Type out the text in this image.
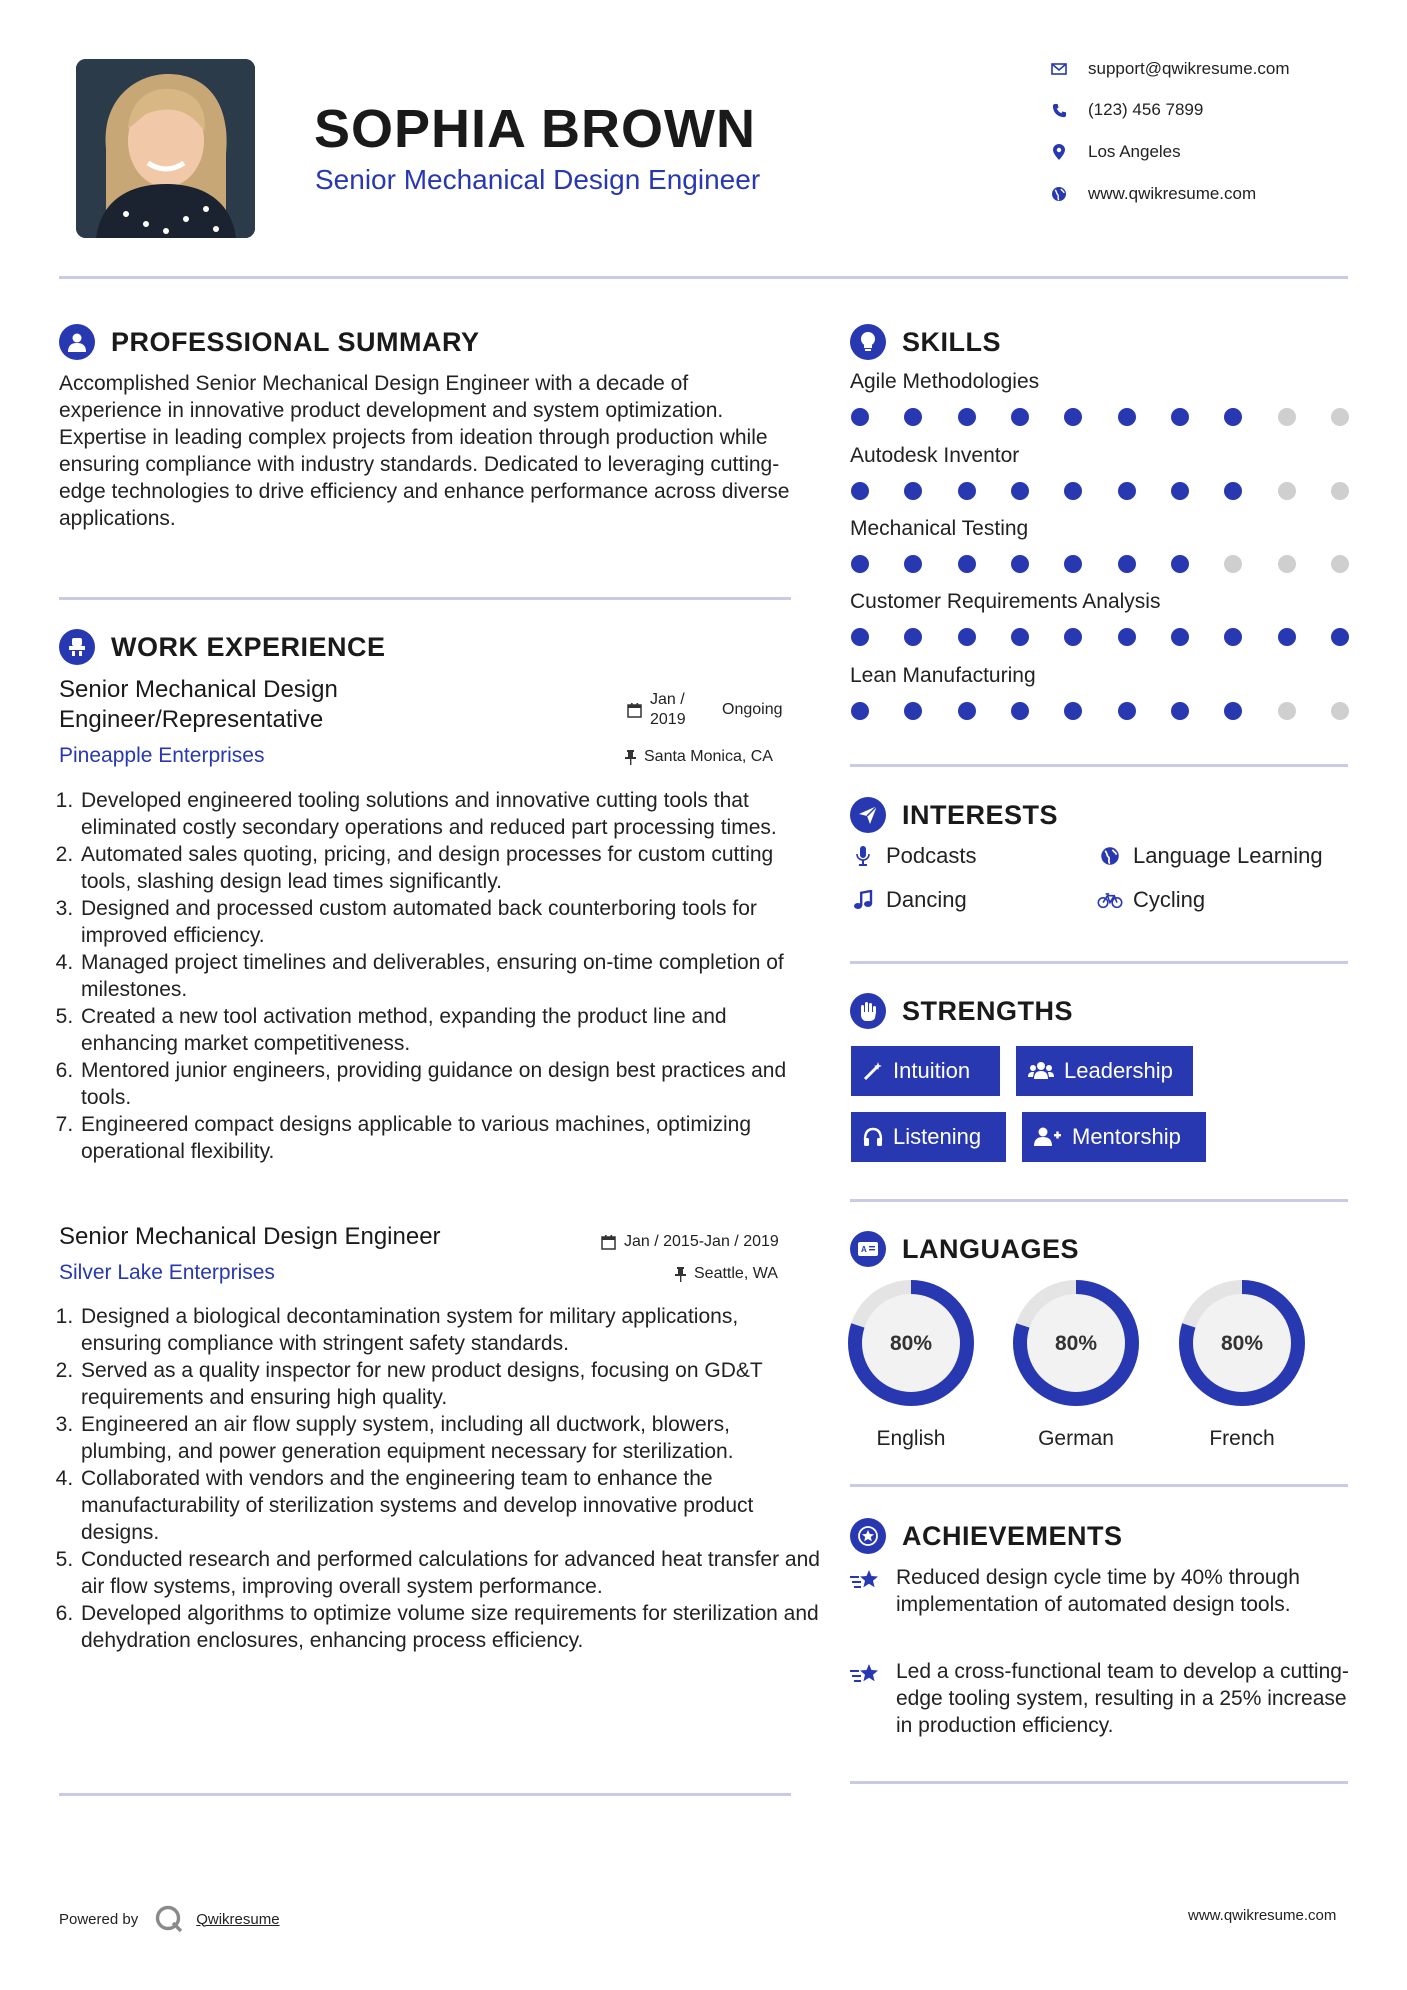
SOPHIA BROWN
Senior Mechanical Design Engineer
support@qwikresume.com
(123) 456 7899
Los Angeles
www.qwikresume.com
PROFESSIONAL SUMMARY
Accomplished Senior Mechanical Design Engineer with a decade of experience in innovative product development and system optimization. Expertise in leading complex projects from ideation through production while ensuring compliance with industry standards. Dedicated to leveraging cutting-edge technologies to drive efficiency and enhance performance across diverse applications.
WORK EXPERIENCE
Senior Mechanical Design Engineer/Representative
Jan / 2019
Ongoing
Pineapple Enterprises	Santa Monica, CA
1. Developed engineered tooling solutions and innovative cutting tools that eliminated costly secondary operations and reduced part processing times.
2. Automated sales quoting, pricing, and design processes for custom cutting tools, slashing design lead times significantly.
3. Designed and processed custom automated back counterboring tools for improved efficiency.
4. Managed project timelines and deliverables, ensuring on-time completion of milestones.
5. Created a new tool activation method, expanding the product line and enhancing market competitiveness.
6. Mentored junior engineers, providing guidance on design best practices and tools.
7. Engineered compact designs applicable to various machines, optimizing operational flexibility.
Senior Mechanical Design Engineer	Jan / 2015-Jan / 2019
Silver Lake Enterprises	Seattle, WA
1. Designed a biological decontamination system for military applications, ensuring compliance with stringent safety standards.
2. Served as a quality inspector for new product designs, focusing on GD&T requirements and ensuring high quality.
3. Engineered an air flow supply system, including all ductwork, blowers, plumbing, and power generation equipment necessary for sterilization.
4. Collaborated with vendors and the engineering team to enhance the manufacturability of sterilization systems and develop innovative product designs.
5. Conducted research and performed calculations for advanced heat transfer and air flow systems, improving overall system performance.
6. Developed algorithms to optimize volume size requirements for sterilization and dehydration enclosures, enhancing process efficiency.
SKILLS
Agile Methodologies
Autodesk Inventor
Mechanical Testing
Customer Requirements Analysis
Lean Manufacturing
INTERESTS
Podcasts	Language Learning
Dancing	Cycling
STRENGTHS
Intuition	Leadership
Listening	Mentorship
A LANGUAGES
80%
English
80%
German
80%
French
ACHIEVEMENTS
Reduced design cycle time by 40% through implementation of automated design tools.
Led a cross-functional team to develop a cutting-edge tooling system, resulting in a 25% increase in production efficiency.
Powered by	Qwikresume	www.qwikresume.com
